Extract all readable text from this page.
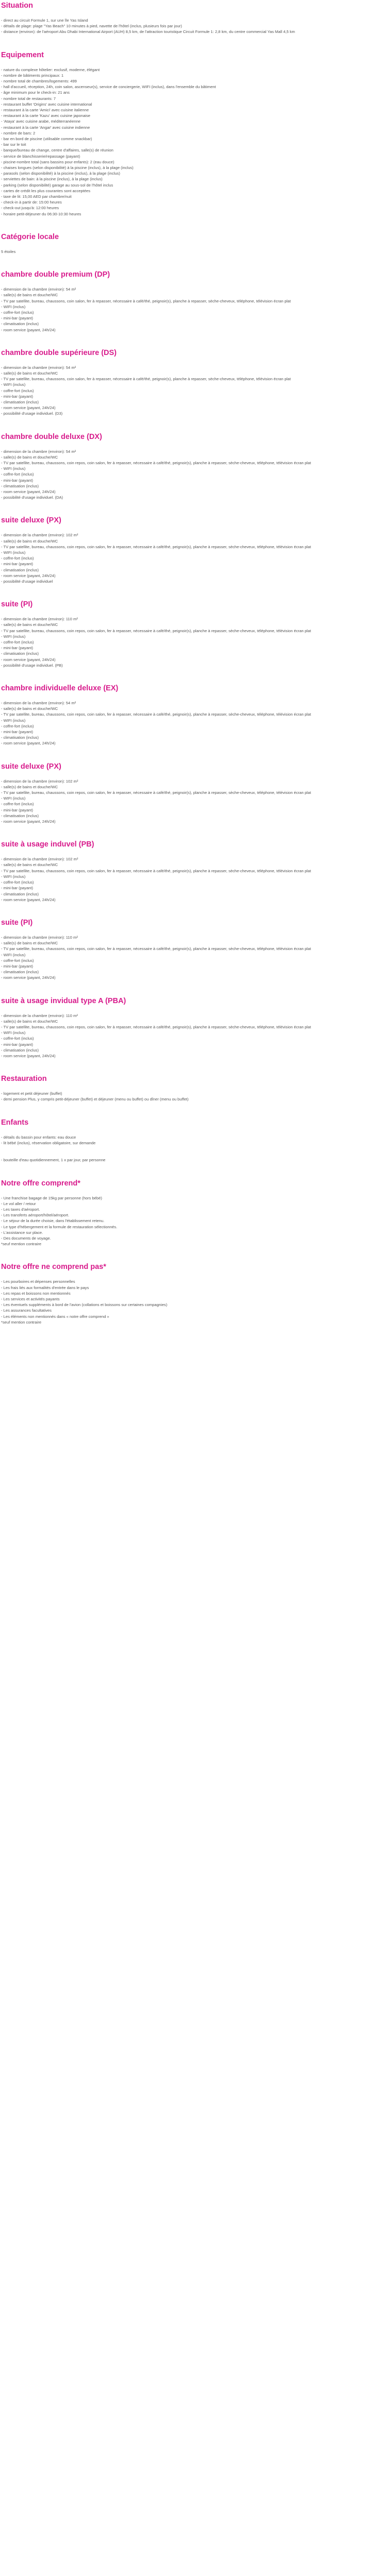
Situation
- direct au circuit Formule 1, sur une île Yas Island
- détails de plage: plage "Yas Beach" 10 minutes à pied, navette de l'hôtel (inclus, plusieurs fois par jour)
- distance (environ): de l'aéroport Abu Dhabi International Airport (AUH) 8,5 km, de l'attraction touristique Circuit Formule 1: 2,8 km, du centre commercial Yas Mall 4,5 km
Equipement
- nature du complexe hôtelier: exclusif, moderne, élégant
- nombre de bâtiments principaux: 1
- nombre total de chambres/logements: 499
- hall d'accueil, réception, 24h, coin salon, ascenseur(s), service de conciergerie, WIFI (inclus), dans l'ensemble du bâtiment
- âge minimum pour le check-in: 21 ans
- nombre total de restaurants: 7
- restaurant buffet 'Origins' avec cuisine international
- restaurant à la carte 'Amici' avec cuisine italienne
- restaurant à la carte 'Kazu' avec cuisine japonaise
- 'Ataya' avec cuisine arabe, méditerranéenne
- restaurant à la carte 'Angar' avec cuisine indienne
- nombre de bars: 2
- bar en bord de piscine (utilisable comme snackbar)
- bar sur le toit
- banque/bureau de change, centre d'affaires, salle(s) de réunion
- service de blanchisserie/repassage (payant)
- piscine-nombre total (sans bassins pour enfants): 2 (eau douce)
- chaises longues (selon disponibilité) à la piscine (inclus), à la plage (inclus)
- parasols (selon disponibilité) à la piscine (inclus), à la plage (inclus)
- serviettes de bain: à la piscine (inclus), à la plage (inclus)
- parking (selon disponibilité) garage au sous-sol de l'hôtel inclus
- cartes de crédit les plus courantes sont acceptées
- taxe de lit: 15,00 AED par chambre/nuit
- check-in à partir de: 15:00 heures
- check-out jusqu'à: 12:00 heures
- horaire petit-déjeuner du 06:30-10:30 heures
Catégorie locale
5 étoiles
chambre double premium (DP)
- dimension de la chambre (environ): 54 m²
- salle(s) de bains et douche/WC
- TV par satellite, bureau, chaussons, coin salon, fer à repasser, nécessaire à café/thé, peignoir(s), planche à repasser, sèche-cheveux, téléphone, télévision écran plat
- WIFI (inclus)
- coffre-fort (inclus)
- mini-bar (payant)
- climatisation (inclus)
- room service (payant, 24h/24)
chambre double supérieure (DS)
- dimension de la chambre (environ): 54 m²
- salle(s) de bains et douche/WC
- TV par satellite, bureau, chaussons, coin salon, fer à repasser, nécessaire à café/thé, peignoir(s), planche à repasser, sèche-cheveux, téléphone, télévision écran plat
- WIFI (inclus)
- coffre-fort (inclus)
- mini-bar (payant)
- climatisation (inclus)
- room service (payant, 24h/24)
- possibilité d'usage individuel. (D3)
chambre double deluxe (DX)
- dimension de la chambre (environ): 54 m²
- salle(s) de bains et douche/WC
- TV par satellite, bureau, chaussons, coin repos, coin salon, fer à repasser, nécessaire à café/thé, peignoir(s), planche à repasser, sèche-cheveux, téléphone, télévision écran plat
- WIFI (inclus)
- coffre-fort (inclus)
- mini-bar (payant)
- climatisation (inclus)
- room service (payant, 24h/24)
- possibilité d'usage individuel. (DA)
suite deluxe (PX)
- dimension de la chambre (environ): 102 m²
- salle(s) de bains et douche/WC
- TV par satellite, bureau, chaussons, coin repos, coin salon, fer à repasser, nécessaire à café/thé, peignoir(s), planche à repasser, sèche-cheveux, téléphone, télévision écran plat
- WIFI (inclus)
- coffre-fort (inclus)
- mini-bar (payant)
- climatisation (inclus)
- room service (payant, 24h/24)
- possibilité d'usage individuel
suite (PI)
- dimension de la chambre (environ): 110 m²
- salle(s) de bains et douche/WC
- TV par satellite, bureau, chaussons, coin repos, coin salon, fer à repasser, nécessaire à café/thé, peignoir(s), planche à repasser, sèche-cheveux, téléphone, télévision écran plat
- WIFI (inclus)
- coffre-fort (inclus)
- mini-bar (payant)
- climatisation (inclus)
- room service (payant, 24h/24)
- possibilité d'usage individuel. (PB)
chambre individuelle deluxe (EX)
- dimension de la chambre (environ): 54 m²
- salle(s) de bains et douche/WC
- TV par satellite, bureau, chaussons, coin repos, coin salon, fer à repasser, nécessaire à café/thé, peignoir(s), planche à repasser, sèche-cheveux, téléphone, télévision écran plat
- WIFI (inclus)
- coffre-fort (inclus)
- mini-bar (payant)
- climatisation (inclus)
- room service (payant, 24h/24)
suite deluxe (PX)
- dimension de la chambre (environ): 102 m²
- salle(s) de bains et douche/WC
- TV par satellite, bureau, chaussons, coin repos, coin salon, fer à repasser, nécessaire à café/thé, peignoir(s), planche à repasser, sèche-cheveux, téléphone, télévision écran plat
- WIFI (inclus)
- coffre-fort (inclus)
- mini-bar (payant)
- climatisation (inclus)
- room service (payant, 24h/24)
suite à usage induvel (PB)
- dimension de la chambre (environ): 102 m²
- salle(s) de bains et douche/WC
- TV par satellite, bureau, chaussons, coin repos, coin salon, fer à repasser, nécessaire à café/thé, peignoir(s), planche à repasser, sèche-cheveux, téléphone, télévision écran plat
- WIFI (inclus)
- coffre-fort (inclus)
- mini-bar (payant)
- climatisation (inclus)
- room service (payant, 24h/24)
suite (PI)
- dimension de la chambre (environ): 110 m²
- salle(s) de bains et douche/WC
- TV par satellite, bureau, chaussons, coin repos, coin salon, fer à repasser, nécessaire à café/thé, peignoir(s), planche à repasser, sèche-cheveux, téléphone, télévision écran plat
- WIFI (inclus)
- coffre-fort (inclus)
- mini-bar (payant)
- climatisation (inclus)
- room service (payant, 24h/24)
suite à usage invidual type A (PBA)
- dimension de la chambre (environ): 110 m²
- salle(s) de bains et douche/WC
- TV par satellite, bureau, chaussons, coin repos, coin salon, fer à repasser, nécessaire à café/thé, peignoir(s), planche à repasser, sèche-cheveux, téléphone, télévision écran plat
- WIFI (inclus)
- coffre-fort (inclus)
- mini-bar (payant)
- climatisation (inclus)
- room service (payant, 24h/24)
Restauration
- logement et petit déjeuner (buffet)
- demi pension Plus, y compris petit-déjeuner (buffet) et déjeuner (menu ou buffet) ou dîner (menu ou buffet)
Enfants
- détails du bassin pour enfants: eau douce
- lit bébé (inclus), réservation obligatoire, sur demande

- bouteille d'eau quotidiennement, 1 x par jour, par personne
Notre offre comprend*
- Une franchise bagage de 15kg par personne (hors bébé)
- Le vol aller / retour
- Les taxes d'aéroport.
- Les transferts aéroport/hôtel/aéroport.
- Le séjour de la durée choisie, dans l'établissement retenu.
- Le type d'hébergement et la formule de restauration sélectionnés.
- L'assistance sur place.
- Des documents de voyage.
*seuf mention contraire
Notre offre ne comprend pas*
- Les pourboires et dépenses personnelles
- Les frais liés aux formalités d'entrée dans le pays
- Les repas et boissons non mentionnés
- Les services et activités payants
- Les éventuels suppléments à bord de l'avion (collations et boissons sur certaines compagnies)
- Les assurances facultatives
- Les éléments non mentionnés dans « notre offre comprend »
*seuf mention contraire
